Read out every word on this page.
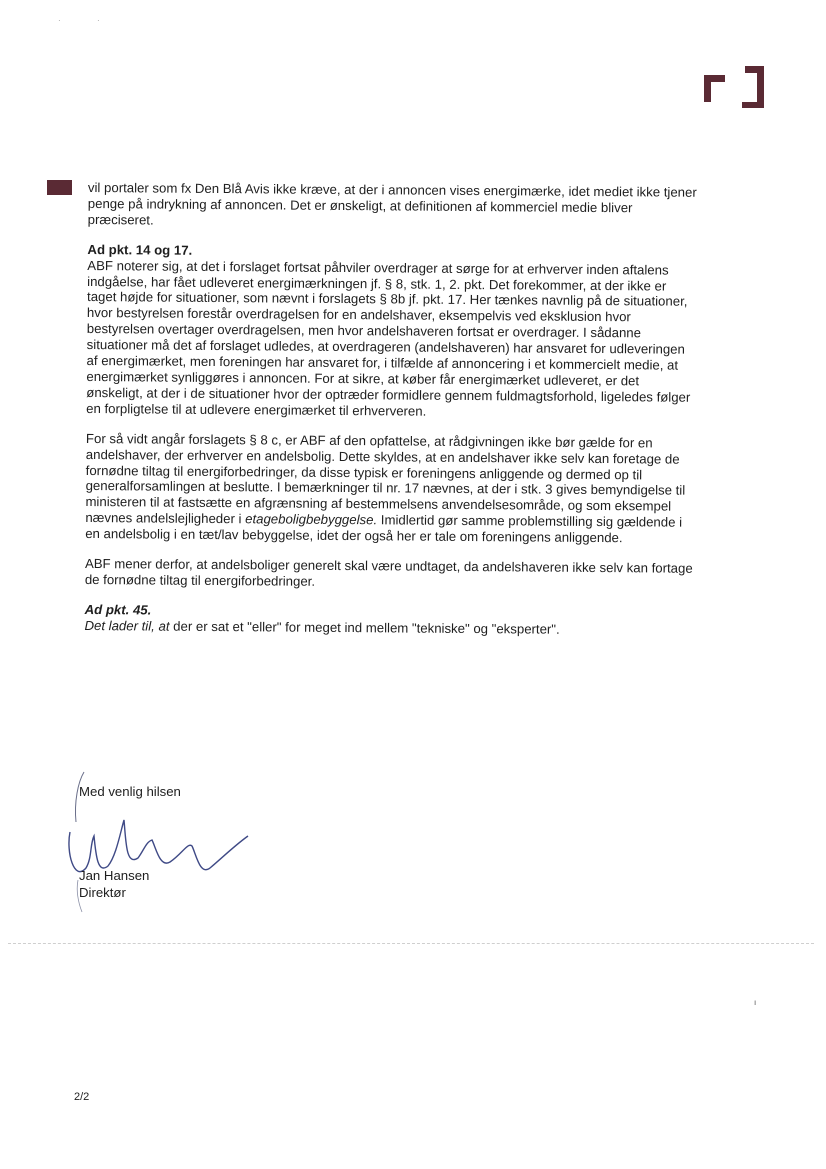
·	·

vil portaler som fx Den Blå Avis ikke kræve, at der i annoncen vises energimærke, idet mediet ikke tjener penge på indrykning af annoncen. Det er ønskeligt, at definitionen af kommerciel medie bliver præciseret.

Ad pkt. 14 og 17.

ABF noterer sig, at det i forslaget fortsat påhviler overdrager at sørge for at erhverver inden aftalens indgåelse, har fået udleveret energimærkningen jf. § 8, stk. 1, 2. pkt. Det forekommer, at der ikke er taget højde for situationer, som nævnt i forslagets § 8b jf. pkt. 17. Her tænkes navnlig på de situationer, hvor bestyrelsen forestår overdragelsen for en andelshaver, eksempelvis ved eksklusion hvor bestyrelsen overtager overdragelsen, men hvor andelshaveren fortsat er overdrager. I sådanne situationer må det af forslaget udledes, at overdrageren (andelshaveren) har ansvaret for udleveringen af energimærket, men foreningen har ansvaret for, i tilfælde af annoncering i et kommercielt medie, at energimærket synliggøres i annoncen. For at sikre, at køber får energimærket udleveret, er det ønskeligt, at der i de situationer hvor der optræder formidlere gennem fuldmagtsforhold, ligeledes følger en forpligtelse til at udlevere energimærket til erhververen.

For så vidt angår forslagets § 8 c, er ABF af den opfattelse, at rådgivningen ikke bør gælde for en andelshaver, der erhverver en andelsbolig. Dette skyldes, at en andelshaver ikke selv kan foretage de fornødne tiltag til energiforbedringer, da disse typisk er foreningens anliggende og dermed op til generalforsamlingen at beslutte. I bemærkninger til nr. 17 nævnes, at der i stk. 3 gives bemyndigelse til ministeren til at fastsætte en afgrænsning af bestemmelsens anvendelsesområde, og som eksempel nævnes andelslejligheder i etageboligbebyggelse. Imidlertid gør samme problemstilling sig gældende i en andelsbolig i en tæt/lav bebyggelse, idet der også her er tale om foreningens anliggende.

ABF mener derfor, at andelsboliger generelt skal være undtaget, da andelshaveren ikke selv kan fortage de fornødne tiltag til energiforbedringer.

Ad pkt. 45.

Det lader til, at der er sat et "eller" for meget ind mellem "tekniske" og "eksperter".

Med venlig hilsen
Jan Hansen
Direktør
ı
2/2
